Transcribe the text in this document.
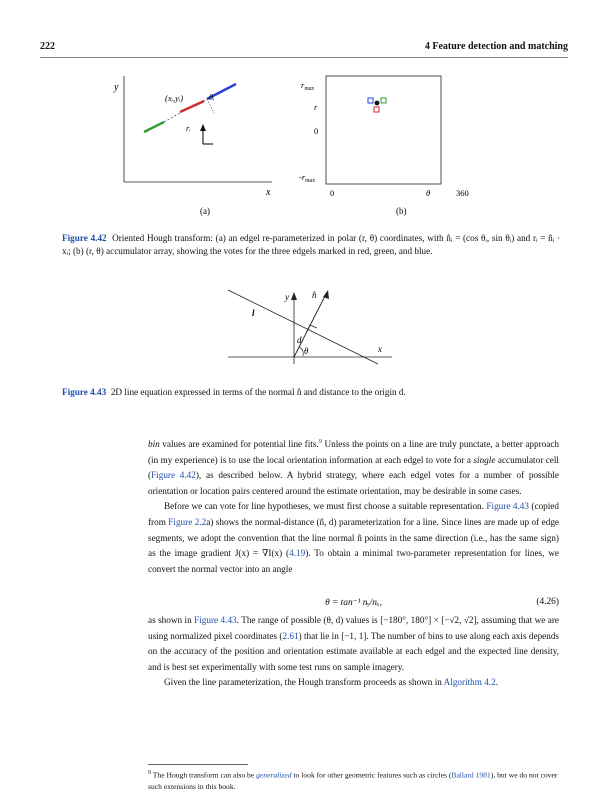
222	4 Feature detection and matching
y
x
(xᵢ,yᵢ)	θᵢ
rᵢ
(a)
$r_{max}$
r
0
$-r_{max}$
0	θ	360
(b)
Figure 4.42 Oriented Hough transform: (a) an edgel re-parameterized in polar (r, θ) coordinates, with n̂ᵢ = (cos θᵢ, sin θᵢ) and rᵢ = n̂ᵢ · xᵢ; (b) (r, θ) accumulator array, showing the votes for the three edgels marked in red, green, and blue.
y
x
l
n̂
d
θ
Figure 4.43 2D line equation expressed in terms of the normal n̂ and distance to the origin d.

bin values are examined for potential line fits.$^9$ Unless the points on a line are truly punctate, a better approach (in my experience) is to use the local orientation information at each edgel to vote for a single accumulator cell (Figure 4.42), as described below. A hybrid strategy, where each edgel votes for a number of possible orientation or location pairs centered around the estimate orientation, may be desirable in some cases.

Before we can vote for line hypotheses, we must first choose a suitable representation. Figure 4.43 (copied from Figure 2.2a) shows the normal-distance (n̂, d) parameterization for a line. Since lines are made up of edge segments, we adopt the convention that the line normal n̂ points in the same direction (i.e., has the same sign) as the image gradient J(x) = ∇I(x) (4.19). To obtain a minimal two-parameter representation for lines, we convert the normal vector into an angle

θ = tan⁻¹ nᵧ/nₓ,	(4.26)

as shown in Figure 4.43. The range of possible (θ, d) values is [−180°, 180°] × [−√2, √2], assuming that we are using normalized pixel coordinates (2.61) that lie in [−1, 1]. The number of bins to use along each axis depends on the accuracy of the position and orientation estimate available at each edgel and the expected line density, and is best set experimentally with some test runs on sample imagery.

Given the line parameterization, the Hough transform proceeds as shown in Algorithm 4.2.

$^9$ The Hough transform can also be generalized to look for other geometric features such as circles (Ballard 1981), but we do not cover such extensions in this book.
